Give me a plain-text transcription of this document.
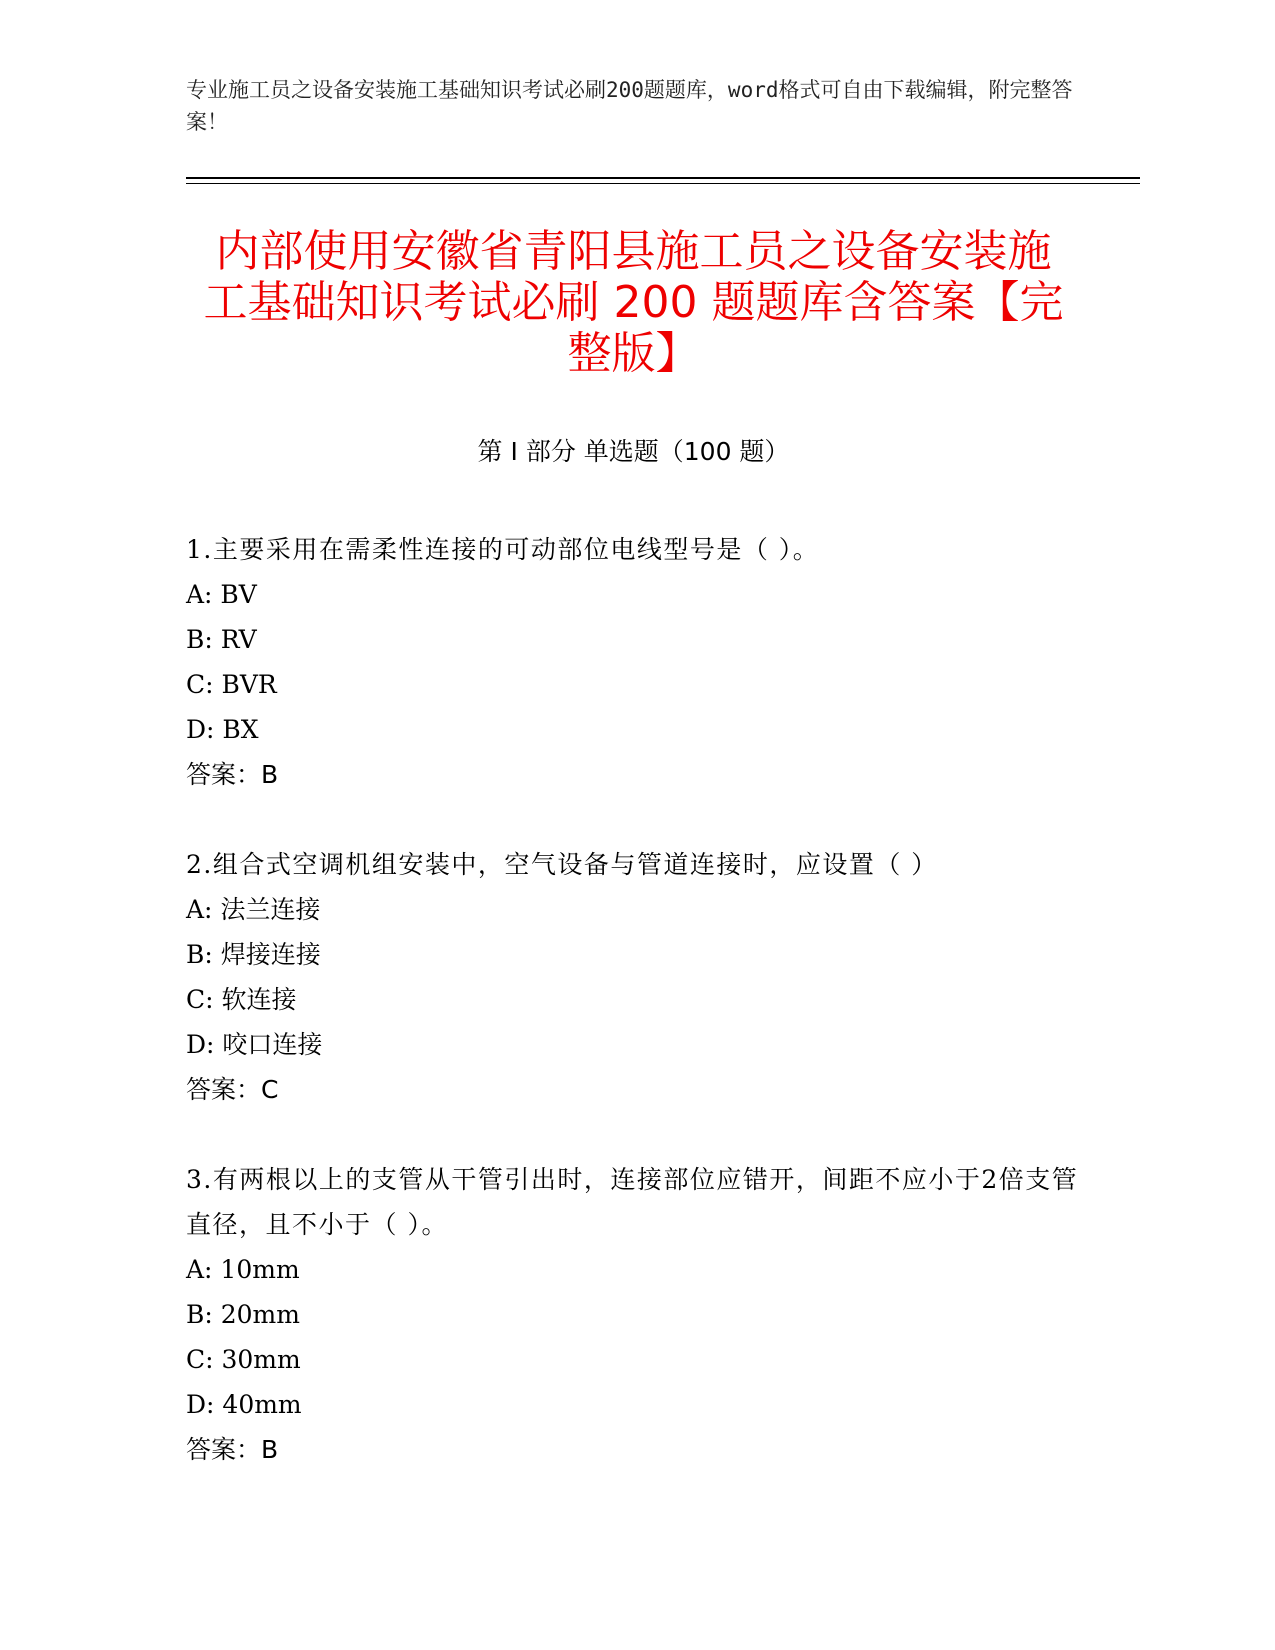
专业施工员之设备安装施工基础知识考试必刷200题题库，word格式可自由下载编辑，附完整答案！
内部使用安徽省青阳县施工员之设备安装施
工基础知识考试必刷 200 题题库含答案【完
整版】
第 I 部分 单选题（100 题）
1.主要采用在需柔性连接的可动部位电线型号是（ ）。
A: BV
B: RV
C: BVR
D: BX
答案：B
2.组合式空调机组安装中，空气设备与管道连接时，应设置（ ）
A: 法兰连接
B: 焊接连接
C: 软连接
D: 咬口连接
答案：C
3.有两根以上的支管从干管引出时，连接部位应错开，间距不应小于2倍支管直径，且不小于（ ）。
A: 10mm
B: 20mm
C: 30mm
D: 40mm
答案：B
